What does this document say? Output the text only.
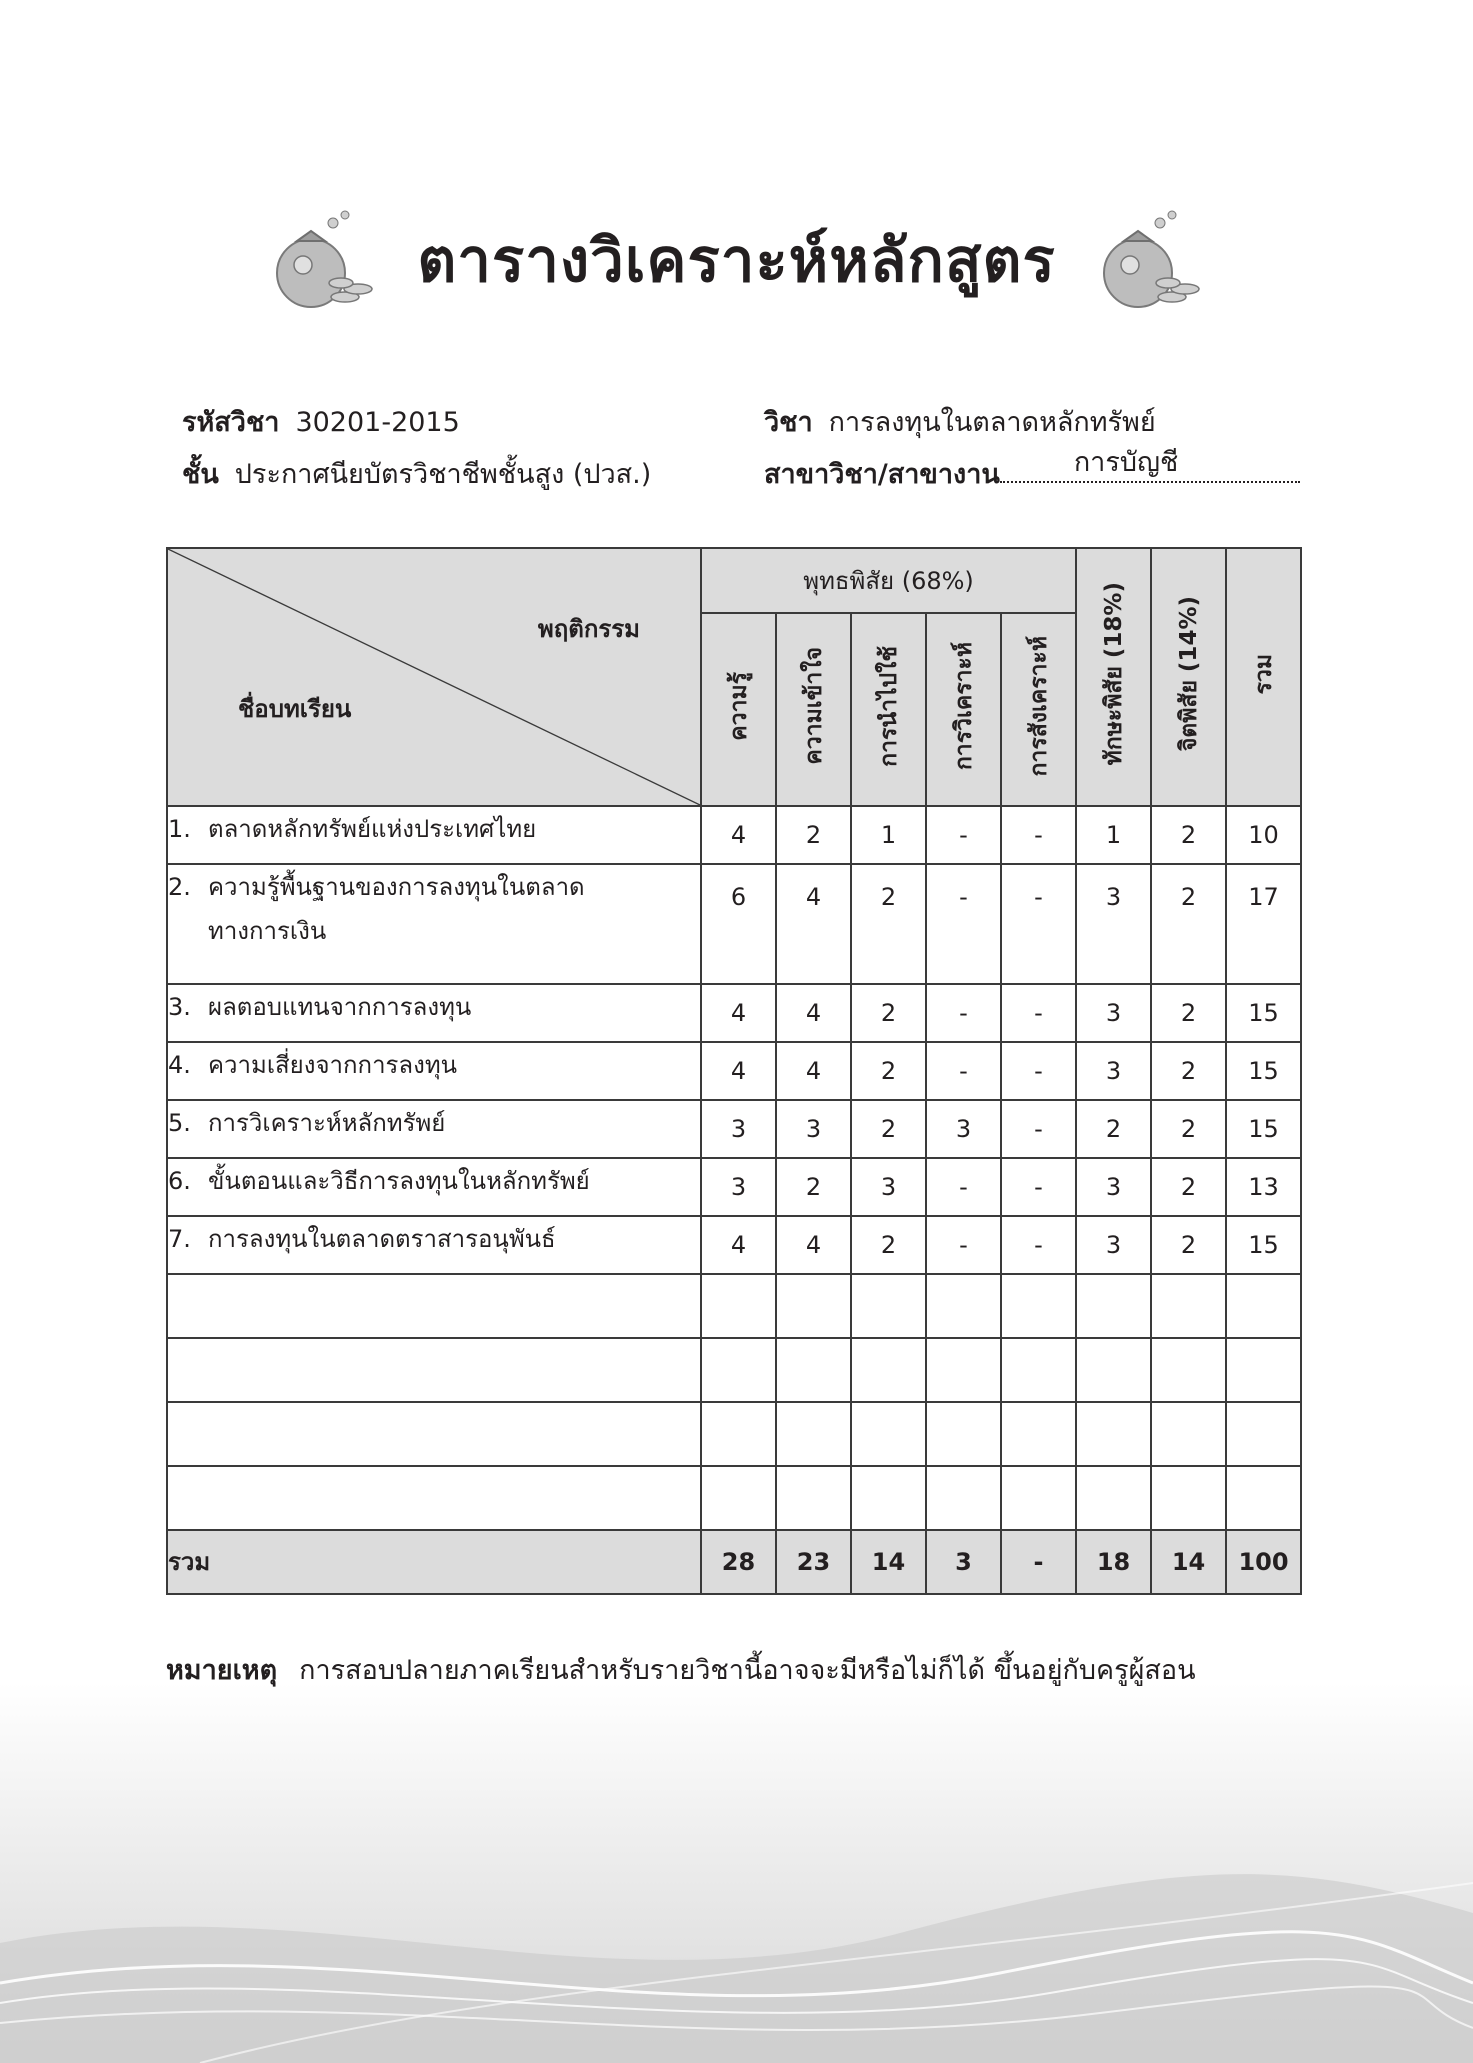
ตารางวิเคราะห์หลักสูตร
รหัสวิชา 30201-2015
ชั้น ประกาศนียบัตรวิชาชีพชั้นสูง (ปวส.)
วิชา การลงทุนในตลาดหลักทรัพย์
สาขาวิชา/สาขางาน	การบัญชี
พฤติกรรม
ชื่อบทเรียน	พุทธพิสัย (68%)					ทักษะพิสัย (18%)	จิตพิสัย (14%)	รวม
	ความรู้	ความเข้าใจ	การนำไปใช้	การวิเคราะห์	การสังเคราะห์			
1. ตลาดหลักทรัพย์แห่งประเทศไทย	4	2	1	-	-	1	2	10
2. ความรู้พื้นฐานของการลงทุนในตลาด
ทางการเงิน	6	4	2	-	-	3	2	17
3. ผลตอบแทนจากการลงทุน	4	4	2	-	-	3	2	15
4. ความเสี่ยงจากการลงทุน	4	4	2	-	-	3	2	15
5. การวิเคราะห์หลักทรัพย์	3	3	2	3	-	2	2	15
6. ขั้นตอนและวิธีการลงทุนในหลักทรัพย์	3	2	3	-	-	3	2	13
7. การลงทุนในตลาดตราสารอนุพันธ์	4	4	2	-	-	3	2	15

รวม	28	23	14	3	-	18	14	100
หมายเหตุ การสอบปลายภาคเรียนสำหรับรายวิชานี้อาจจะมีหรือไม่ก็ได้ ขึ้นอยู่กับครูผู้สอน
